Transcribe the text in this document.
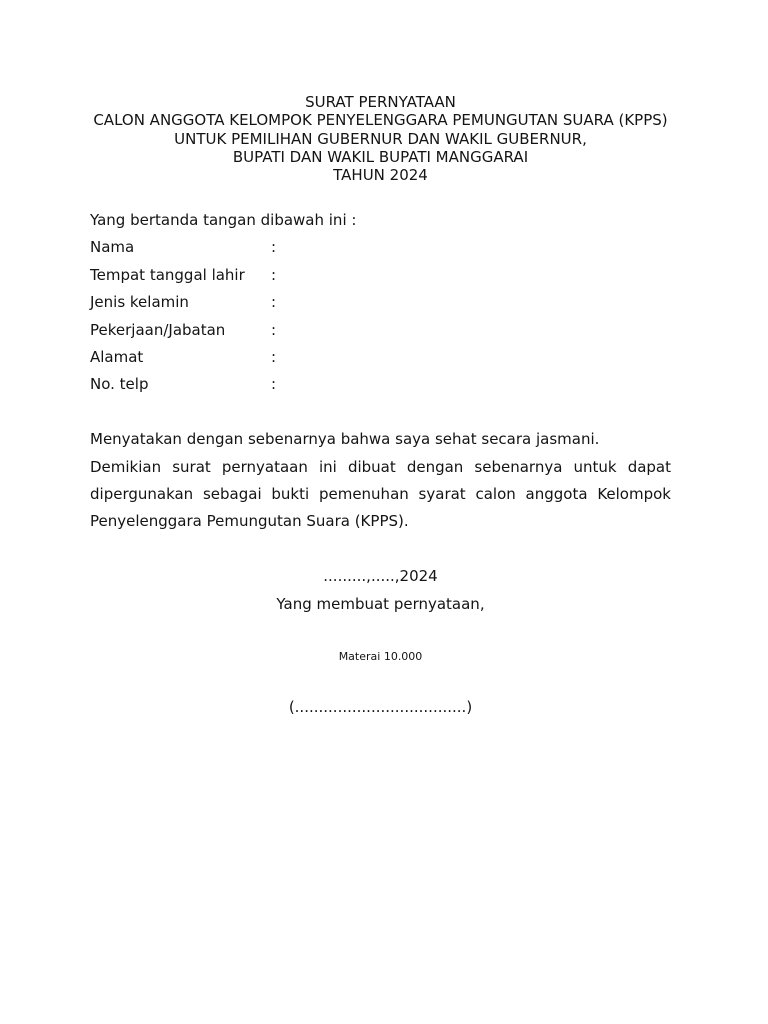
SURAT PERNYATAAN
CALON ANGGOTA KELOMPOK PENYELENGGARA PEMUNGUTAN SUARA (KPPS)
UNTUK PEMILIHAN GUBERNUR DAN WAKIL GUBERNUR,
BUPATI DAN WAKIL BUPATI MANGGARAI
TAHUN 2024
Yang bertanda tangan dibawah ini :
Nama	:
Tempat tanggal lahir	:
Jenis kelamin	:
Pekerjaan/Jabatan	:
Alamat	:
No. telp	:
Menyatakan dengan sebenarnya bahwa saya sehat secara jasmani.
Demikian surat pernyataan ini dibuat dengan sebenarnya untuk dapat
dipergunakan sebagai bukti pemenuhan syarat calon anggota Kelompok
Penyelenggara Pemungutan Suara (KPPS).
.........,.....,2024
Yang membuat pernyataan,
Materai 10.000
(....................................)
